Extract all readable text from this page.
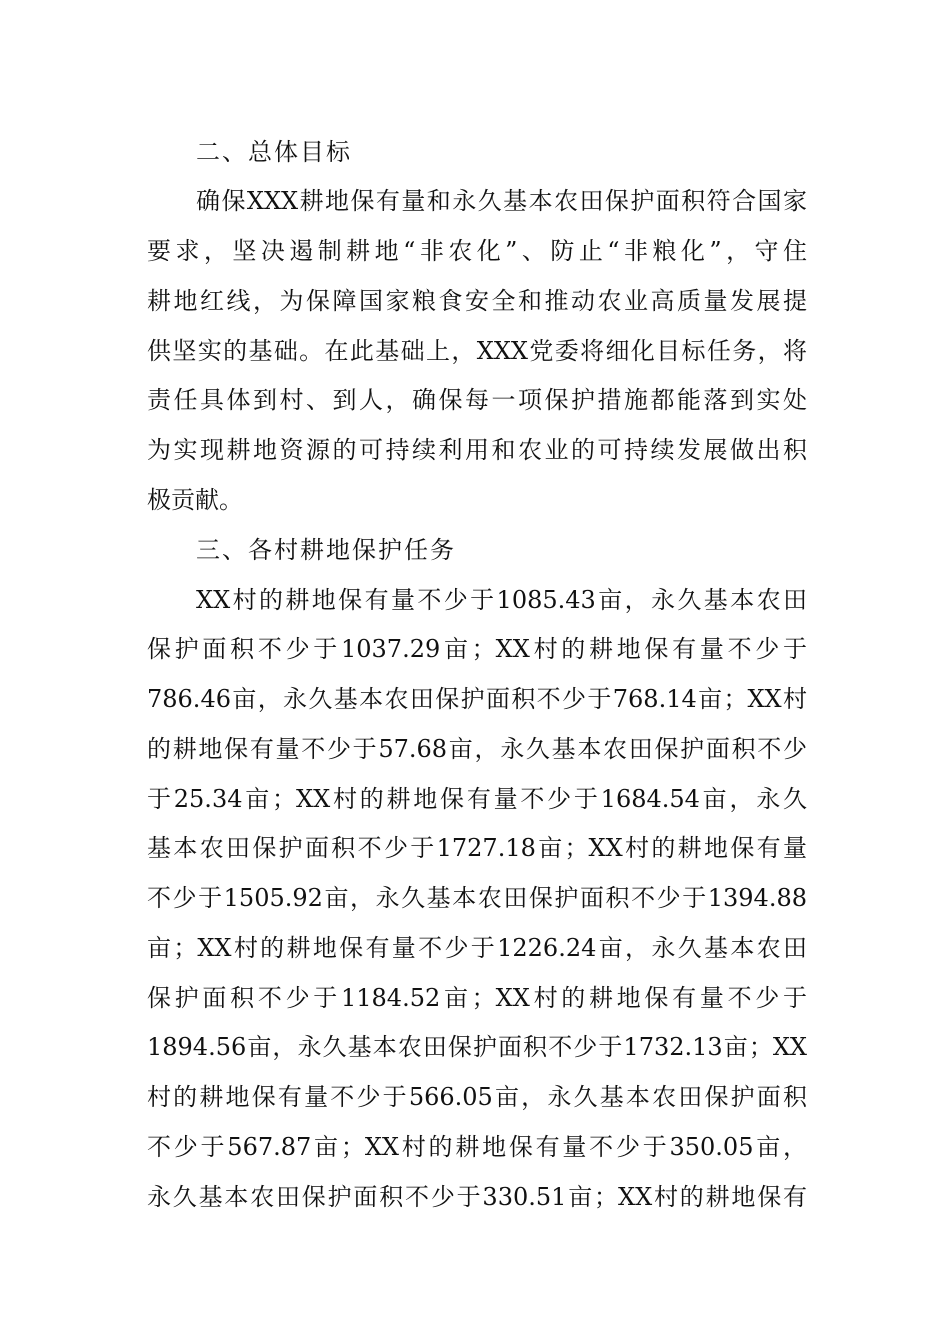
二、总体目标
确保XXX耕地保有量和永久基本农田保护面积符合国家
要求，坚决遏制耕地“非农化”、防止“非粮化”，守住
耕地红线，为保障国家粮食安全和推动农业高质量发展提
供坚实的基础。在此基础上，XXX党委将细化目标任务，将
责任具体到村、到人，确保每一项保护措施都能落到实处
为实现耕地资源的可持续利用和农业的可持续发展做出积
极贡献。
三、各村耕地保护任务
XX村的耕地保有量不少于1085.43亩，永久基本农田
保护面积不少于1037.29亩；XX村的耕地保有量不少于
786.46亩，永久基本农田保护面积不少于768.14亩；XX村
的耕地保有量不少于57.68亩，永久基本农田保护面积不少
于25.34亩；XX村的耕地保有量不少于1684.54亩，永久
基本农田保护面积不少于1727.18亩；XX村的耕地保有量
不少于1505.92亩，永久基本农田保护面积不少于1394.88
亩；XX村的耕地保有量不少于1226.24亩，永久基本农田
保护面积不少于1184.52亩；XX村的耕地保有量不少于
1894.56亩，永久基本农田保护面积不少于1732.13亩；XX
村的耕地保有量不少于566.05亩，永久基本农田保护面积
不少于567.87亩；XX村的耕地保有量不少于350.05亩，
永久基本农田保护面积不少于330.51亩；XX村的耕地保有
